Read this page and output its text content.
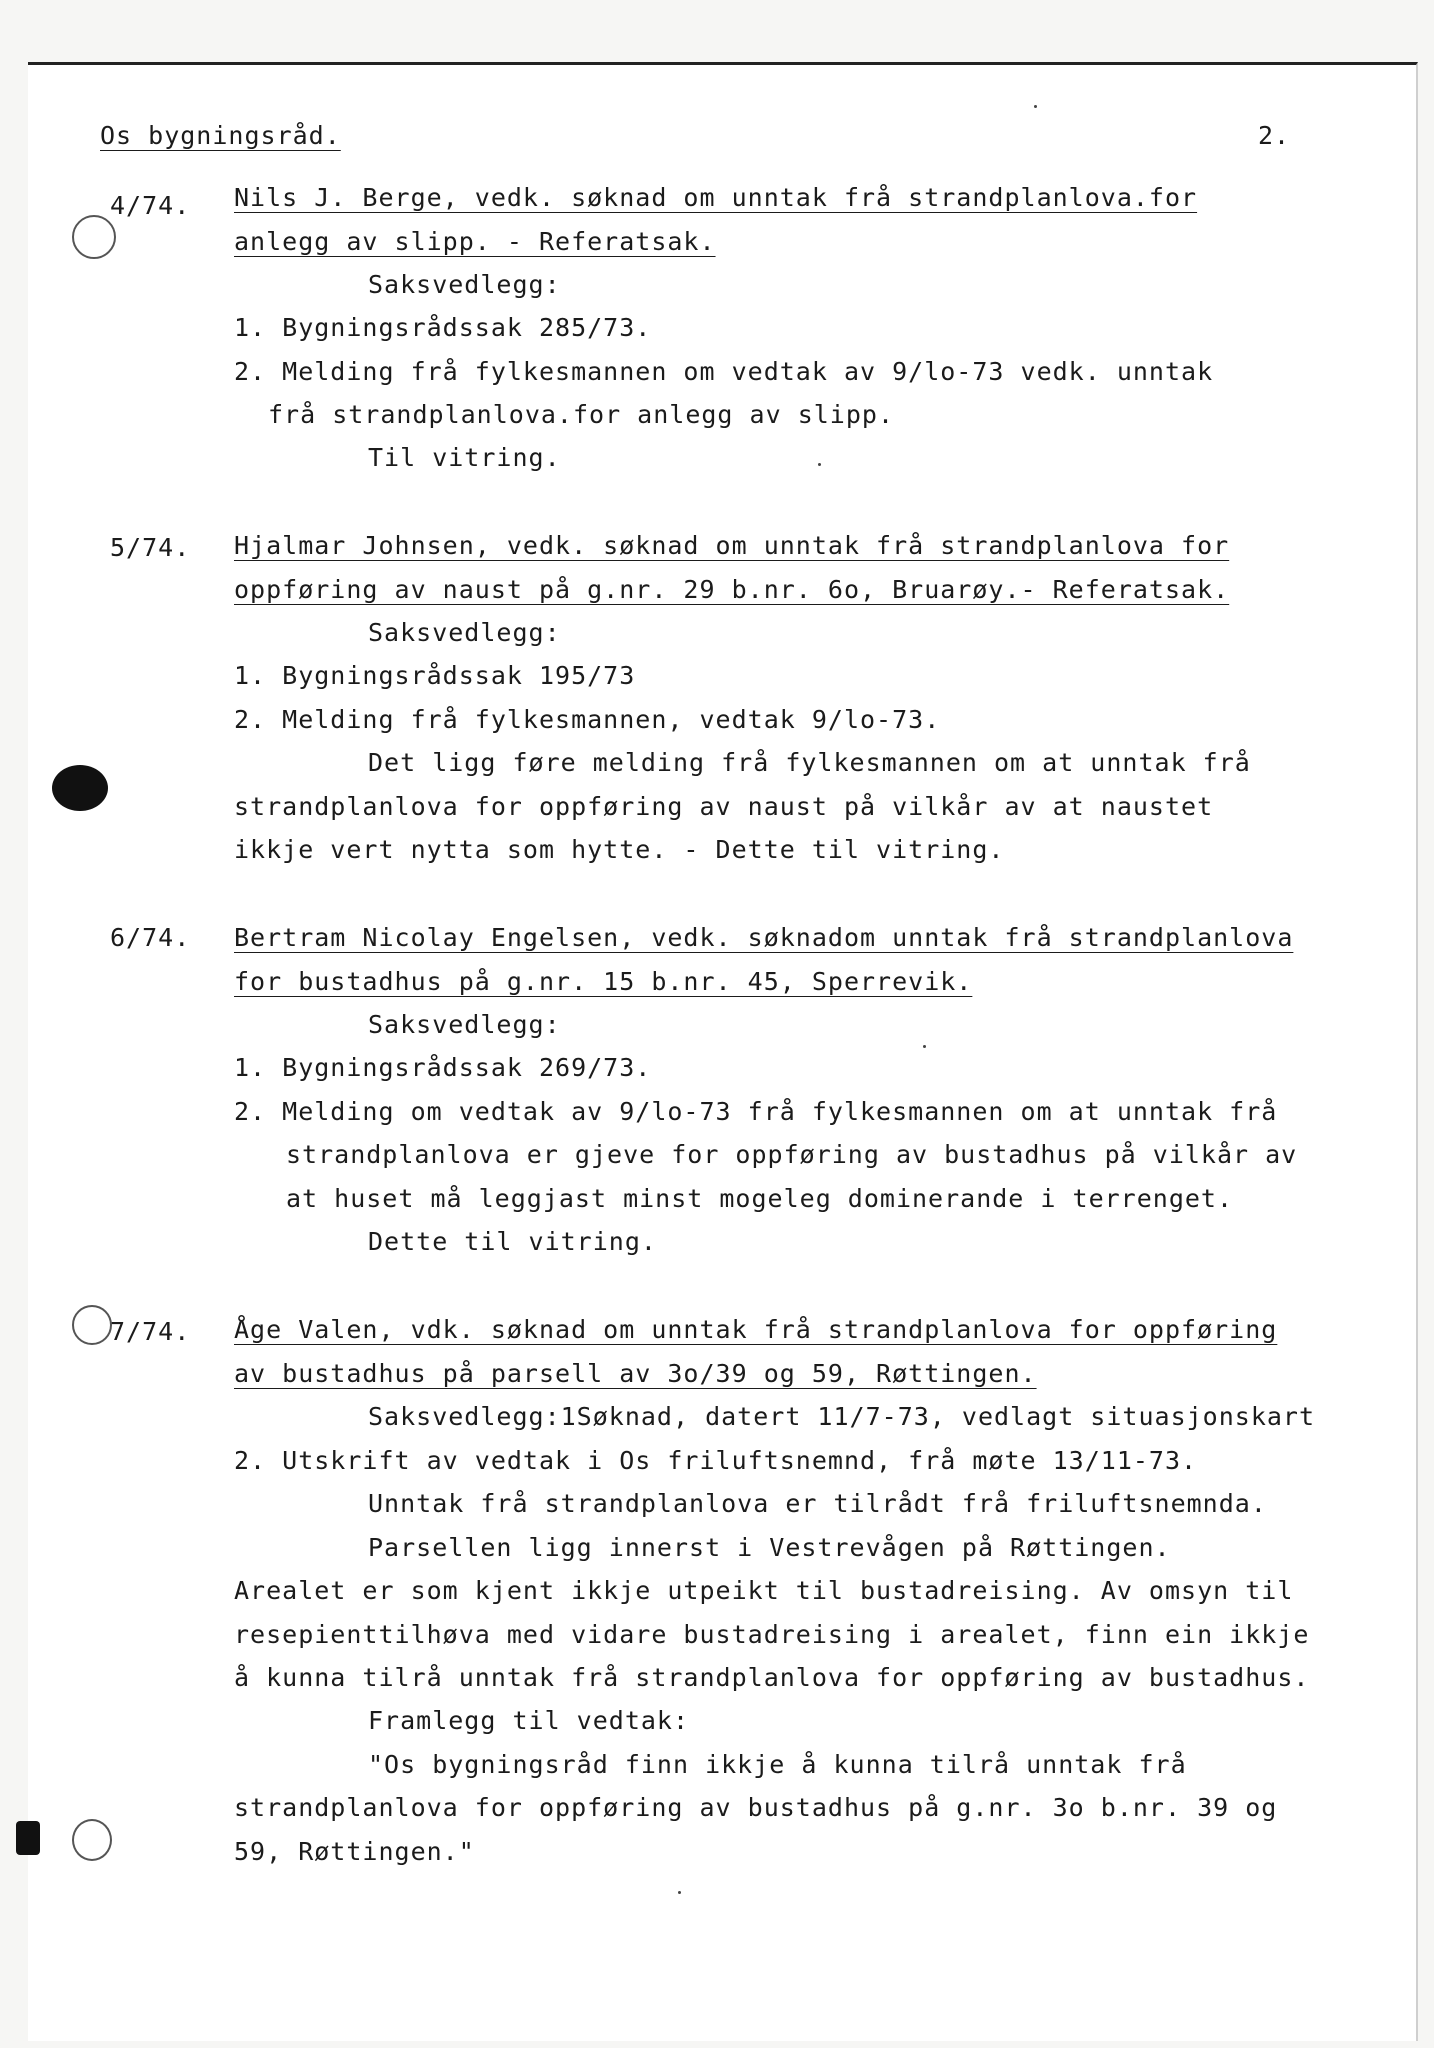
Os bygningsråd.	2.
4/74. Nils J. Berge, vedk. søknad om unntak frå strandplanlova.for
anlegg av slipp. - Referatsak.
Saksvedlegg:
1. Bygningsrådssak 285/73.
2. Melding frå fylkesmannen om vedtak av 9/lo-73 vedk. unntak
frå strandplanlova.for anlegg av slipp.
Til vitring.
5/74. Hjalmar Johnsen, vedk. søknad om unntak frå strandplanlova for
oppføring av naust på g.nr. 29 b.nr. 6o, Bruarøy.- Referatsak.
Saksvedlegg:
1. Bygningsrådssak 195/73
2. Melding frå fylkesmannen, vedtak 9/lo-73.
Det ligg føre melding frå fylkesmannen om at unntak frå
strandplanlova for oppføring av naust på vilkår av at naustet
ikkje vert nytta som hytte. - Dette til vitring.
6/74. Bertram Nicolay Engelsen, vedk. søknadom unntak frå strandplanlova
for bustadhus på g.nr. 15 b.nr. 45, Sperrevik.
Saksvedlegg:
1. Bygningsrådssak 269/73.
2. Melding om vedtak av 9/lo-73 frå fylkesmannen om at unntak frå
strandplanlova er gjeve for oppføring av bustadhus på vilkår av
at huset må leggjast minst mogeleg dominerande i terrenget.
Dette til vitring.
7/74. Åge Valen, vdk. søknad om unntak frå strandplanlova for oppføring
av bustadhus på parsell av 3o/39 og 59, Røttingen.
Saksvedlegg:1Søknad, datert 11/7-73, vedlagt situasjonskart
2. Utskrift av vedtak i Os friluftsnemnd, frå møte 13/11-73.
Unntak frå strandplanlova er tilrådt frå friluftsnemnda.
Parsellen ligg innerst i Vestrevågen på Røttingen.
Arealet er som kjent ikkje utpeikt til bustadreising. Av omsyn til
resepienttilhøva med vidare bustadreising i arealet, finn ein ikkje
å kunna tilrå unntak frå strandplanlova for oppføring av bustadhus.
Framlegg til vedtak:
"Os bygningsråd finn ikkje å kunna tilrå unntak frå
strandplanlova for oppføring av bustadhus på g.nr. 3o b.nr. 39 og
59, Røttingen."
